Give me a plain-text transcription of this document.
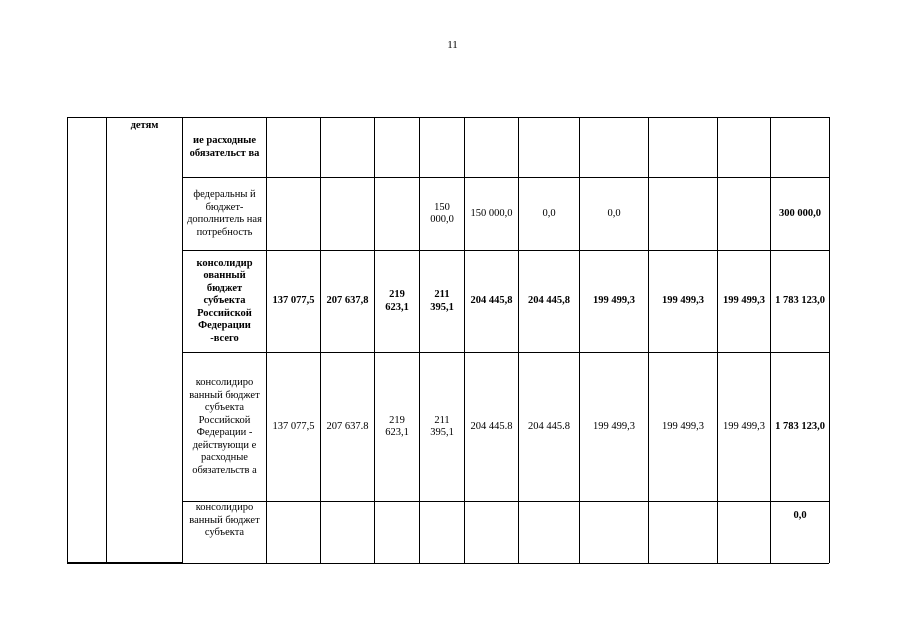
11
	детям	ие расходные обязательст ва										
		федеральны й бюджет-дополнитель ная потребность				150 000,0	150 000,0	0,0	0,0			300 000,0
		консолидир ованный бюджет субъекта Российской Федерации -всего	137 077,5	207 637,8	219 623,1	211 395,1	204 445,8	204 445,8	199 499,3	199 499,3	199 499,3	1 783 123,0
		консолидиро ванный бюджет субъекта Российской Федерации - действующи е расходные обязательств а	137 077,5	207 637.8	219 623,1	211 395,1	204 445.8	204 445.8	199 499,3	199 499,3	199 499,3	1 783 123,0
		консолидиро ванный бюджет субъекта										0,0
